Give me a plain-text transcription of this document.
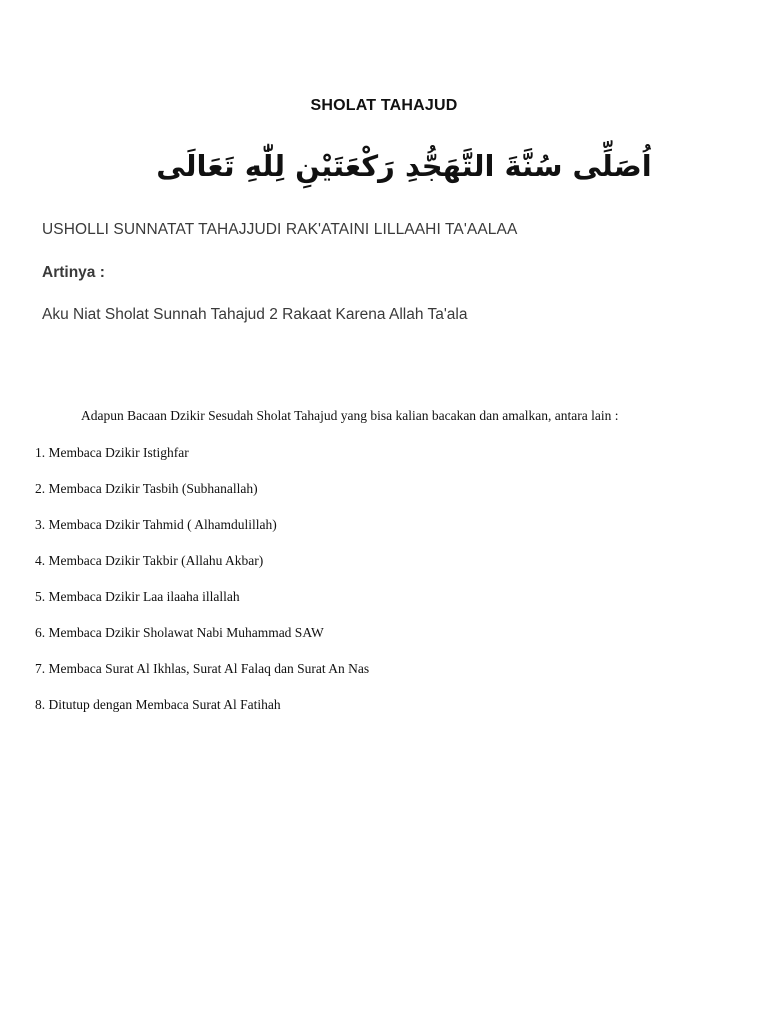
SHOLAT TAHAJUD
اُصَلِّى سُنَّةَ التَّهَجُّدِ رَكْعَتَيْنِ لِلّٰهِ تَعَالَى
USHOLLI SUNNATAT TAHAJJUDI RAK'ATAINI LILLAAHI TA'AALAA
Artinya :
Aku Niat Sholat Sunnah Tahajud 2 Rakaat Karena Allah Ta'ala
Adapun Bacaan Dzikir Sesudah Sholat Tahajud yang bisa kalian bacakan dan amalkan, antara lain :
1. Membaca Dzikir Istighfar
2. Membaca Dzikir Tasbih (Subhanallah)
3. Membaca Dzikir Tahmid ( Alhamdulillah)
4. Membaca Dzikir Takbir (Allahu Akbar)
5. Membaca Dzikir Laa ilaaha illallah
6. Membaca Dzikir Sholawat Nabi Muhammad SAW
7. Membaca Surat Al Ikhlas, Surat Al Falaq dan Surat An Nas
8. Ditutup dengan Membaca Surat Al Fatihah
